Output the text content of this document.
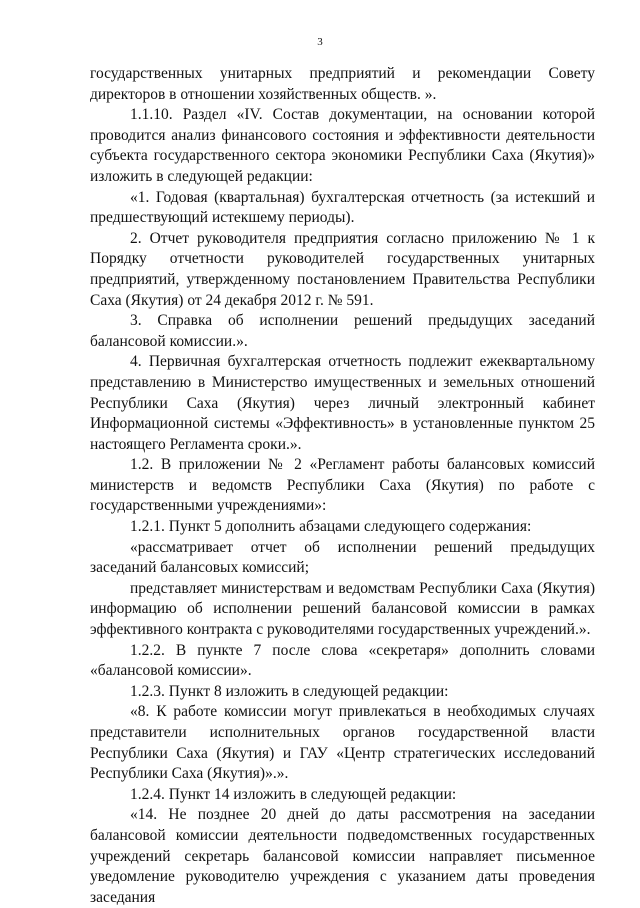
3

государственных унитарных предприятий и рекомендации Совету директоров в отношении хозяйственных обществ. ».

1.1.10. Раздел «IV. Состав документации, на основании которой проводится анализ финансового состояния и эффективности деятельности субъекта государственного сектора экономики Республики Саха (Якутия)» изложить в следующей редакции:

«1. Годовая (квартальная) бухгалтерская отчетность (за истекший и предшествующий истекшему периоды).

2. Отчет руководителя предприятия согласно приложению № 1 к Порядку отчетности руководителей государственных унитарных предприятий, утвержденному постановлением Правительства Республики Саха (Якутия) от 24 декабря 2012 г. № 591.

3. Справка об исполнении решений предыдущих заседаний балансовой комиссии.».

4. Первичная бухгалтерская отчетность подлежит ежеквартальному представлению в Министерство имущественных и земельных отношений Республики Саха (Якутия) через личный электронный кабинет Информационной системы «Эффективность» в установленные пунктом 25 настоящего Регламента сроки.».

1.2. В приложении № 2 «Регламент работы балансовых комиссий министерств и ведомств Республики Саха (Якутия) по работе с государственными учреждениями»:

1.2.1. Пункт 5 дополнить абзацами следующего содержания:

«рассматривает отчет об исполнении решений предыдущих заседаний балансовых комиссий;

представляет министерствам и ведомствам Республики Саха (Якутия) информацию об исполнении решений балансовой комиссии в рамках эффективного контракта с руководителями государственных учреждений.».

1.2.2. В пункте 7 после слова «секретаря» дополнить словами «балансовой комиссии».

1.2.3. Пункт 8 изложить в следующей редакции:

«8. К работе комиссии могут привлекаться в необходимых случаях представители исполнительных органов государственной власти Республики Саха (Якутия) и ГАУ «Центр стратегических исследований Республики Саха (Якутия)».».

1.2.4. Пункт 14 изложить в следующей редакции:

«14. Не позднее 20 дней до даты рассмотрения на заседании балансовой комиссии деятельности подведомственных государственных учреждений секретарь балансовой комиссии направляет письменное уведомление руководителю учреждения с указанием даты проведения заседания
